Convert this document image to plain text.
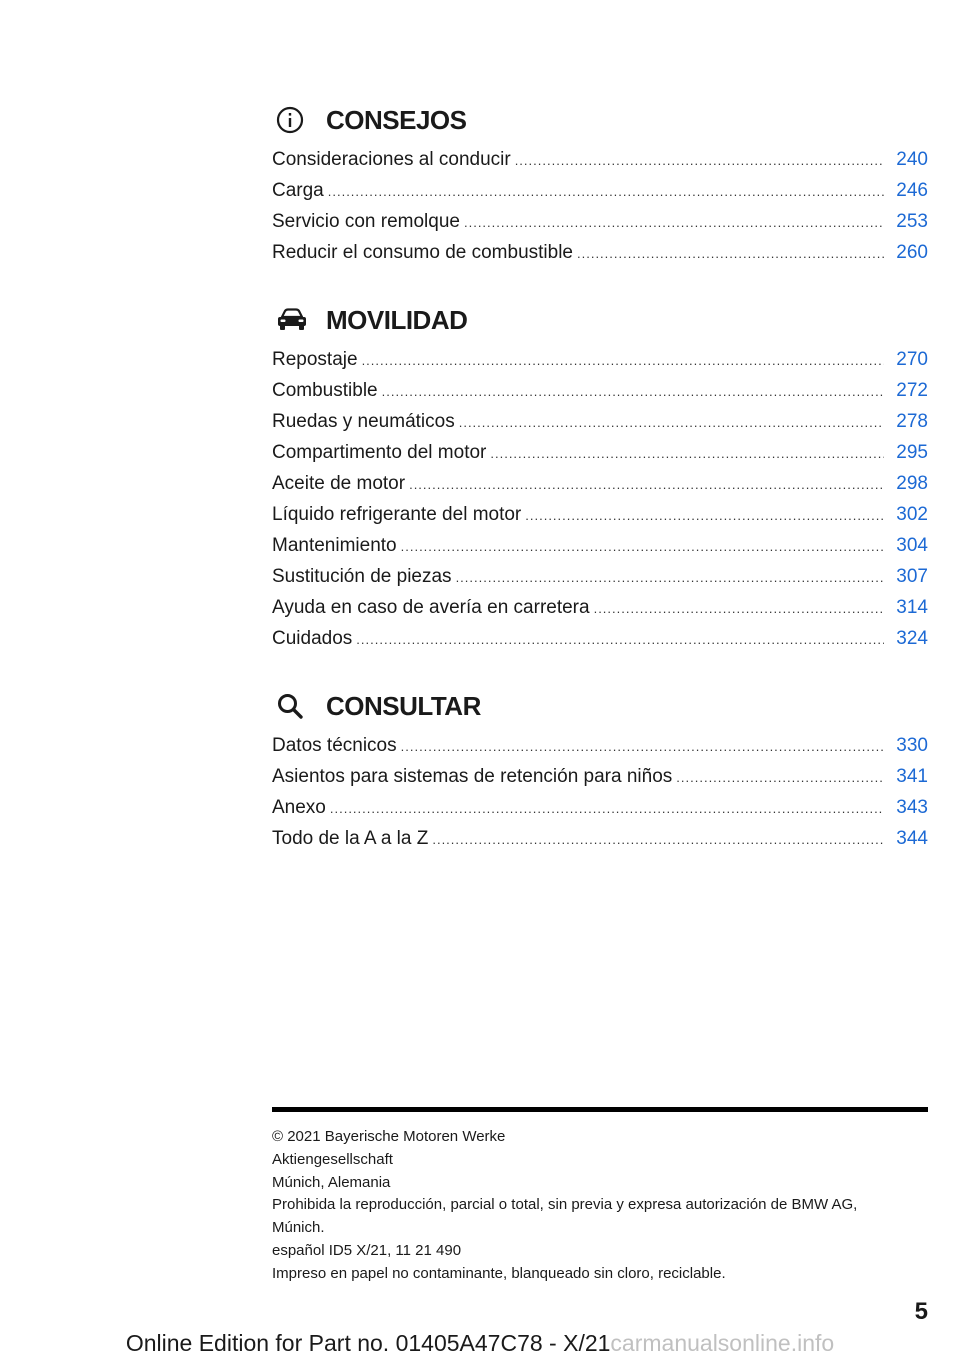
CONSEJOS
Consideraciones al conducir .....	240
Carga .....	246
Servicio con remolque .....	253
Reducir el consumo de combustible .....	260
MOVILIDAD
Repostaje .....	270
Combustible .....	272
Ruedas y neumáticos .....	278
Compartimento del motor .....	295
Aceite de motor .....	298
Líquido refrigerante del motor .....	302
Mantenimiento .....	304
Sustitución de piezas .....	307
Ayuda en caso de avería en carretera .....	314
Cuidados .....	324
CONSULTAR
Datos técnicos .....	330
Asientos para sistemas de retención para niños .....	341
Anexo .....	343
Todo de la A a la Z .....	344
© 2021 Bayerische Motoren Werke
Aktiengesellschaft
Múnich, Alemania
Prohibida la reproducción, parcial o total, sin previa y expresa autorización de BMW AG,
Múnich.
español ID5 X/21, 11 21 490
Impreso en papel no contaminante, blanqueado sin cloro, reciclable.
5
Online Edition for Part no. 01405A47C78 - X/21carmanualsonline.info
